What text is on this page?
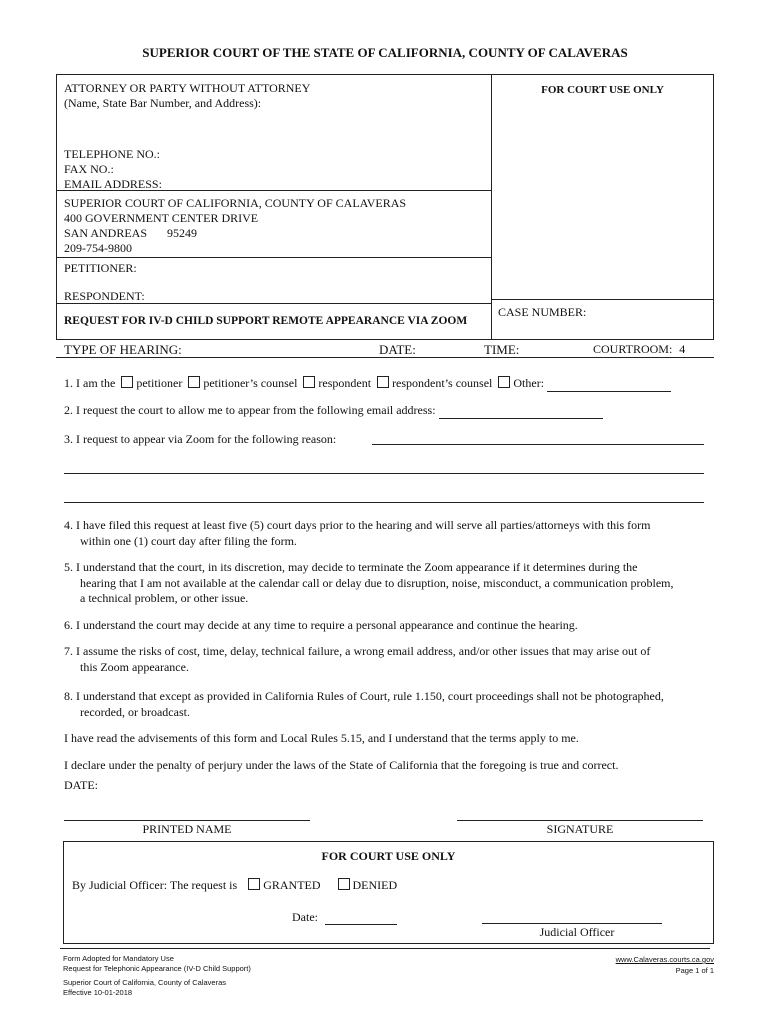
SUPERIOR COURT OF THE STATE OF CALIFORNIA, COUNTY OF CALAVERAS
ATTORNEY OR PARTY WITHOUT ATTORNEY
(Name, State Bar Number, and Address):
FOR COURT USE ONLY
TELEPHONE NO.:
FAX NO.:
EMAIL ADDRESS:
SUPERIOR COURT OF CALIFORNIA, COUNTY OF CALAVERAS
400 GOVERNMENT CENTER DRIVE
SAN ANDREAS 95249
209-754-9800
PETITIONER:
RESPONDENT:
REQUEST FOR IV-D CHILD SUPPORT REMOTE APPEARANCE VIA ZOOM
CASE NUMBER:
TYPE OF HEARING:	DATE:	TIME:	COURTROOM: 4
1. I am the petitioner petitioner’s counsel respondent respondent’s counsel Other:
2. I request the court to allow me to appear from the following email address:
3. I request to appear via Zoom for the following reason:
4. I have filed this request at least five (5) court days prior to the hearing and will serve all parties/attorneys with this form
within one (1) court day after filing the form.
5. I understand that the court, in its discretion, may decide to terminate the Zoom appearance if it determines during the
hearing that I am not available at the calendar call or delay due to disruption, noise, misconduct, a communication problem,
a technical problem, or other issue.
6. I understand the court may decide at any time to require a personal appearance and continue the hearing.
7. I assume the risks of cost, time, delay, technical failure, a wrong email address, and/or other issues that may arise out of
this Zoom appearance.
8. I understand that except as provided in California Rules of Court, rule 1.150, court proceedings shall not be photographed,
recorded, or broadcast.
I have read the advisements of this form and Local Rules 5.15, and I understand that the terms apply to me.
I declare under the penalty of perjury under the laws of the State of California that the foregoing is true and correct.
DATE:
PRINTED NAME	SIGNATURE
FOR COURT USE ONLY
By Judicial Officer: The request is GRANTED	DENIED
Date:
Judicial Officer
Form Adopted for Mandatory Use
Request for Telephonic Appearance (IV-D Child Support)
Superior Court of California, County of Calaveras
Effective 10-01-2018
www.Calaveras.courts.ca.gov
Page 1 of 1
